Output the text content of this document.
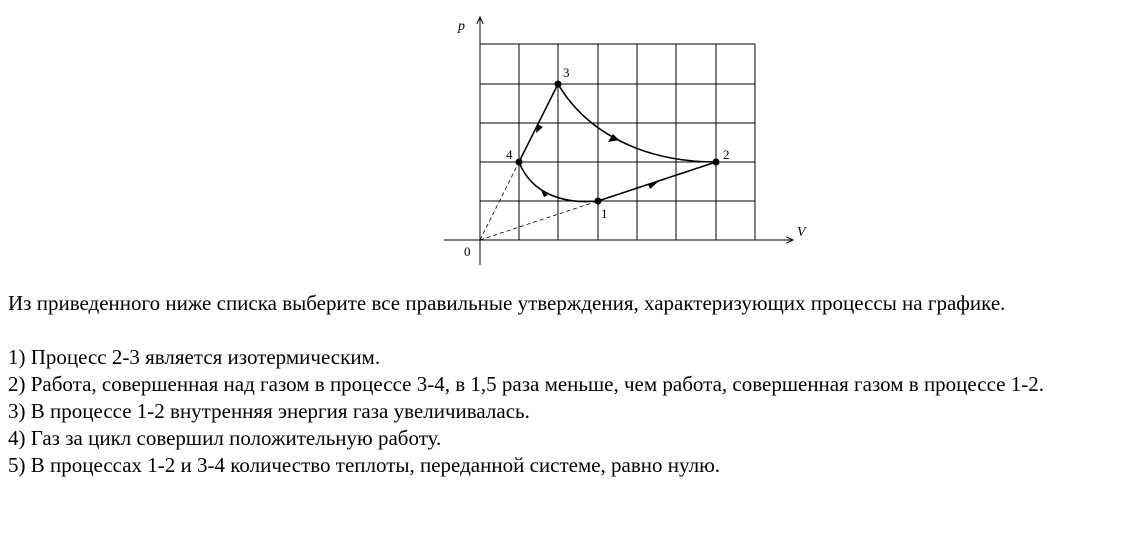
p
V
0
1
2
3
4

Из приведенного ниже списка выберите все правильные утверждения, характеризующих процессы на графике.

1) Процесс 2-3 является изотермическим.

2) Работа, совершенная над газом в процессе 3-4, в 1,5 раза меньше, чем работа, совершенная газом в процессе 1-2.

3) В процессе 1-2 внутренняя энергия газа увеличивалась.

4) Газ за цикл совершил положительную работу.

5) В процессах 1-2 и 3-4 количество теплоты, переданной системе, равно нулю.
